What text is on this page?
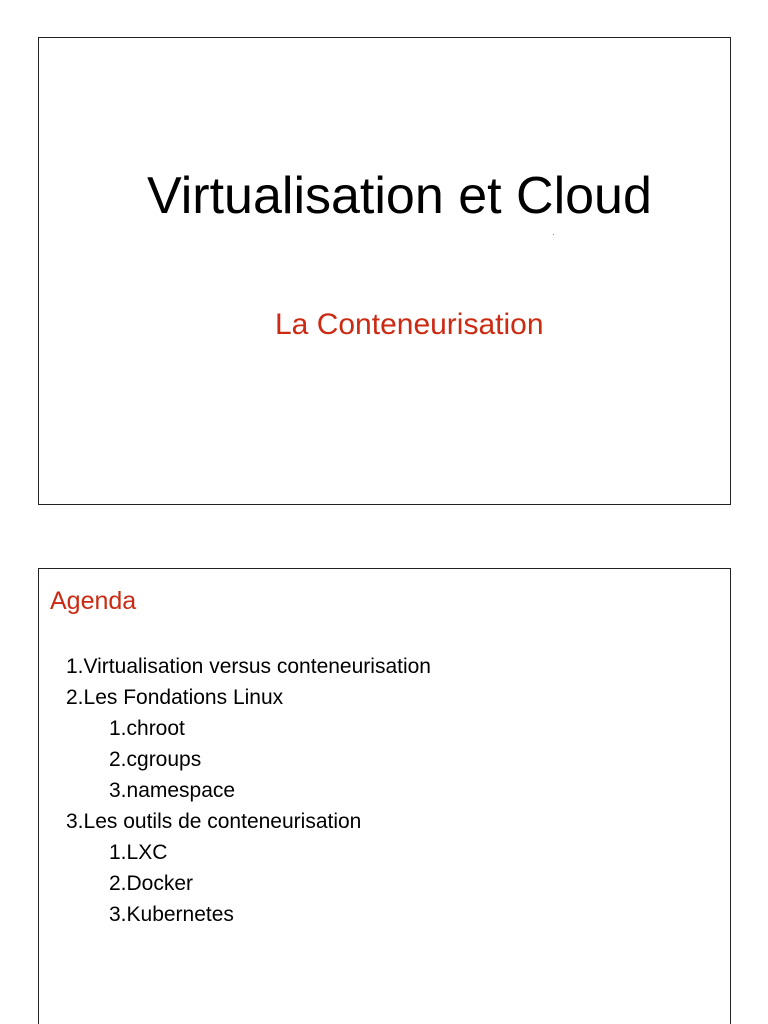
Virtualisation et Cloud
La Conteneurisation
Agenda
1.Virtualisation versus conteneurisation
2.Les Fondations Linux
1.chroot
2.cgroups
3.namespace
3.Les outils de conteneurisation
1.LXC
2.Docker
3.Kubernetes
